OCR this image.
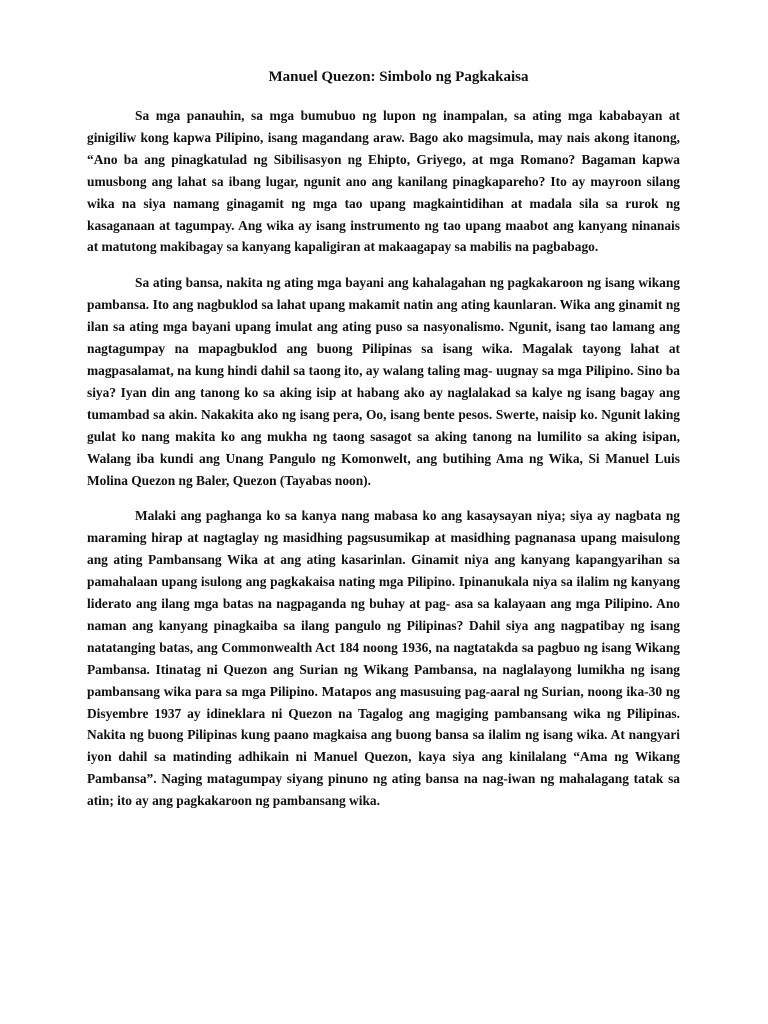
Manuel Quezon: Simbolo ng Pagkakaisa

Sa mga panauhin, sa mga bumubuo ng lupon ng inampalan, sa ating mga kababayan at ginigiliw kong kapwa Pilipino, isang magandang araw. Bago ako magsimula, may nais akong itanong, “Ano ba ang pinagkatulad ng Sibilisasyon ng Ehipto, Griyego, at mga Romano? Bagaman kapwa umusbong ang lahat sa ibang lugar, ngunit ano ang kanilang pinagkapareho? Ito ay mayroon silang wika na siya namang ginagamit ng mga tao upang magkaintidihan at madala sila sa rurok ng kasaganaan at tagumpay. Ang wika ay isang instrumento ng tao upang maabot ang kanyang ninanais at matutong makibagay sa kanyang kapaligiran at makaagapay sa mabilis na pagbabago.

Sa ating bansa, nakita ng ating mga bayani ang kahalagahan ng pagkakaroon ng isang wikang pambansa. Ito ang nagbuklod sa lahat upang makamit natin ang ating kaunlaran. Wika ang ginamit ng ilan sa ating mga bayani upang imulat ang ating puso sa nasyonalismo. Ngunit, isang tao lamang ang nagtagumpay na mapagbuklod ang buong Pilipinas sa isang wika. Magalak tayong lahat at magpasalamat, na kung hindi dahil sa taong ito, ay walang taling mag- uugnay sa mga Pilipino. Sino ba siya? Iyan din ang tanong ko sa aking isip at habang ako ay naglalakad sa kalye ng isang bagay ang tumambad sa akin. Nakakita ako ng isang pera, Oo, isang bente pesos. Swerte, naisip ko. Ngunit laking gulat ko nang makita ko ang mukha ng taong sasagot sa aking tanong na lumilito sa aking isipan, Walang iba kundi ang Unang Pangulo ng Komonwelt, ang butihing Ama ng Wika, Si Manuel Luis Molina Quezon ng Baler, Quezon (Tayabas noon).

Malaki ang paghanga ko sa kanya nang mabasa ko ang kasaysayan niya; siya ay nagbata ng maraming hirap at nagtaglay ng masidhing pagsusumikap at masidhing pagnanasa upang maisulong ang ating Pambansang Wika at ang ating kasarinlan. Ginamit niya ang kanyang kapangyarihan sa pamahalaan upang isulong ang pagkakaisa nating mga Pilipino. Ipinanukala niya sa ilalim ng kanyang liderato ang ilang mga batas na nagpaganda ng buhay at pag- asa sa kalayaan ang mga Pilipino. Ano naman ang kanyang pinagkaiba sa ilang pangulo ng Pilipinas? Dahil siya ang nagpatibay ng isang natatanging batas, ang Commonwealth Act 184 noong 1936, na nagtatakda sa pagbuo ng isang Wikang Pambansa. Itinatag ni Quezon ang Surian ng Wikang Pambansa, na naglalayong lumikha ng isang pambansang wika para sa mga Pilipino. Matapos ang masusuing pag-aaral ng Surian, noong ika-30 ng Disyembre 1937 ay idineklara ni Quezon na Tagalog ang magiging pambansang wika ng Pilipinas. Nakita ng buong Pilipinas kung paano magkaisa ang buong bansa sa ilalim ng isang wika. At nangyari iyon dahil sa matinding adhikain ni Manuel Quezon, kaya siya ang kinilalang “Ama ng Wikang Pambansa”. Naging matagumpay siyang pinuno ng ating bansa na nag-iwan ng mahalagang tatak sa atin; ito ay ang pagkakaroon ng pambansang wika.
